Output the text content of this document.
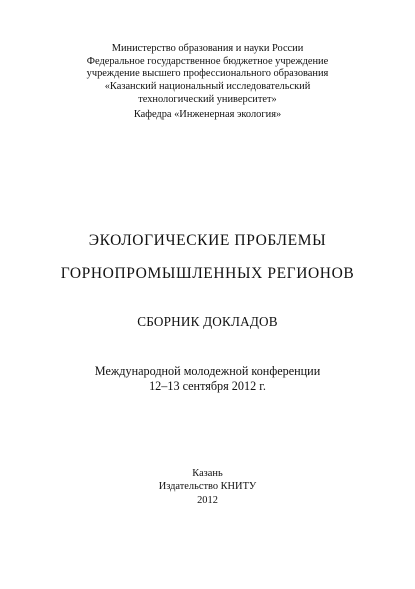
Министерство образования и науки России
Федеральное государственное бюджетное учреждение
учреждение высшего профессионального образования
«Казанский национальный исследовательский
технологический университет»
Кафедра «Инженерная экология»
ЭКОЛОГИЧЕСКИЕ ПРОБЛЕМЫ
ГОРНОПРОМЫШЛЕННЫХ РЕГИОНОВ
СБОРНИК ДОКЛАДОВ
Международной молодежной конференции
12–13 сентября 2012 г.
Казань
Издательство КНИТУ
2012
